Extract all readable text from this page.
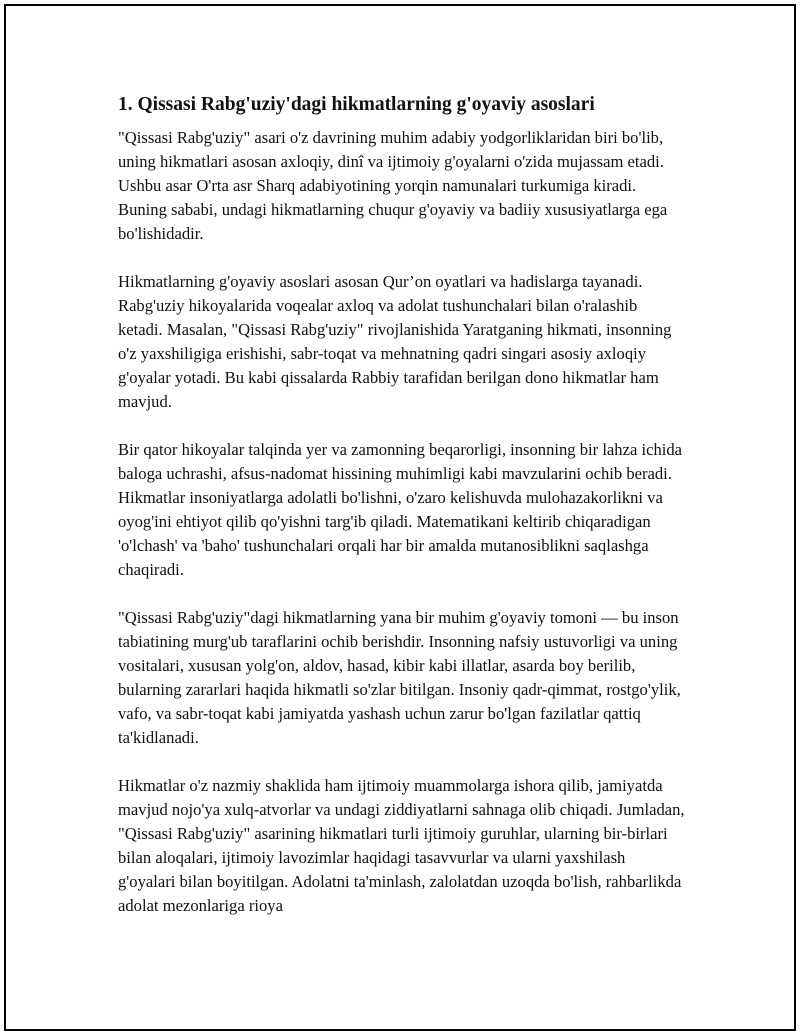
1. Qissasi Rabg'uziy'dagi hikmatlarning g'oyaviy asoslari

"Qissasi Rabg'uziy" asari o'z davrining muhim adabiy yodgorliklaridan biri bo'lib, uning hikmatlari asosan axloqiy, dinî va ijtimoiy g'oyalarni o'zida mujassam etadi. Ushbu asar O'rta asr Sharq adabiyotining yorqin namunalari turkumiga kiradi. Buning sababi, undagi hikmatlarning chuqur g'oyaviy va badiiy xususiyatlarga ega bo'lishidadir.

Hikmatlarning g'oyaviy asoslari asosan Qur’on oyatlari va hadislarga tayanadi. Rabg'uziy hikoyalarida voqealar axloq va adolat tushunchalari bilan o'ralashib ketadi. Masalan, "Qissasi Rabg'uziy" rivojlanishida Yaratganing hikmati, insonning o'z yaxshiligiga erishishi, sabr-toqat va mehnatning qadri singari asosiy axloqiy g'oyalar yotadi. Bu kabi qissalarda Rabbiy tarafidan berilgan dono hikmatlar ham mavjud.

Bir qator hikoyalar talqinda yer va zamonning beqarorligi, insonning bir lahza ichida baloga uchrashi, afsus-nadomat hissining muhimligi kabi mavzularini ochib beradi. Hikmatlar insoniyatlarga adolatli bo'lishni, o'zaro kelishuvda mulohazakorlikni va oyog'ini ehtiyot qilib qo'yishni targ'ib qiladi. Matematikani keltirib chiqaradigan 'o'lchash' va 'baho' tushunchalari orqali har bir amalda mutanosiblikni saqlashga chaqiradi.

"Qissasi Rabg'uziy"dagi hikmatlarning yana bir muhim g'oyaviy tomoni — bu inson tabiatining murg'ub taraflarini ochib berishdir. Insonning nafsiy ustuvorligi va uning vositalari, xususan yolg'on, aldov, hasad, kibir kabi illatlar, asarda boy berilib, bularning zararlari haqida hikmatli so'zlar bitilgan. Insoniy qadr-qimmat, rostgo'ylik, vafo, va sabr-toqat kabi jamiyatda yashash uchun zarur bo'lgan fazilatlar qattiq ta'kidlanadi.

Hikmatlar o'z nazmiy shaklida ham ijtimoiy muammolarga ishora qilib, jamiyatda mavjud nojo'ya xulq-atvorlar va undagi ziddiyatlarni sahnaga olib chiqadi. Jumladan, "Qissasi Rabg'uziy" asarining hikmatlari turli ijtimoiy guruhlar, ularning bir-birlari bilan aloqalari, ijtimoiy lavozimlar haqidagi tasavvurlar va ularni yaxshilash g'oyalari bilan boyitilgan. Adolatni ta'minlash, zalolatdan uzoqda bo'lish, rahbarlikda adolat mezonlariga rioya
